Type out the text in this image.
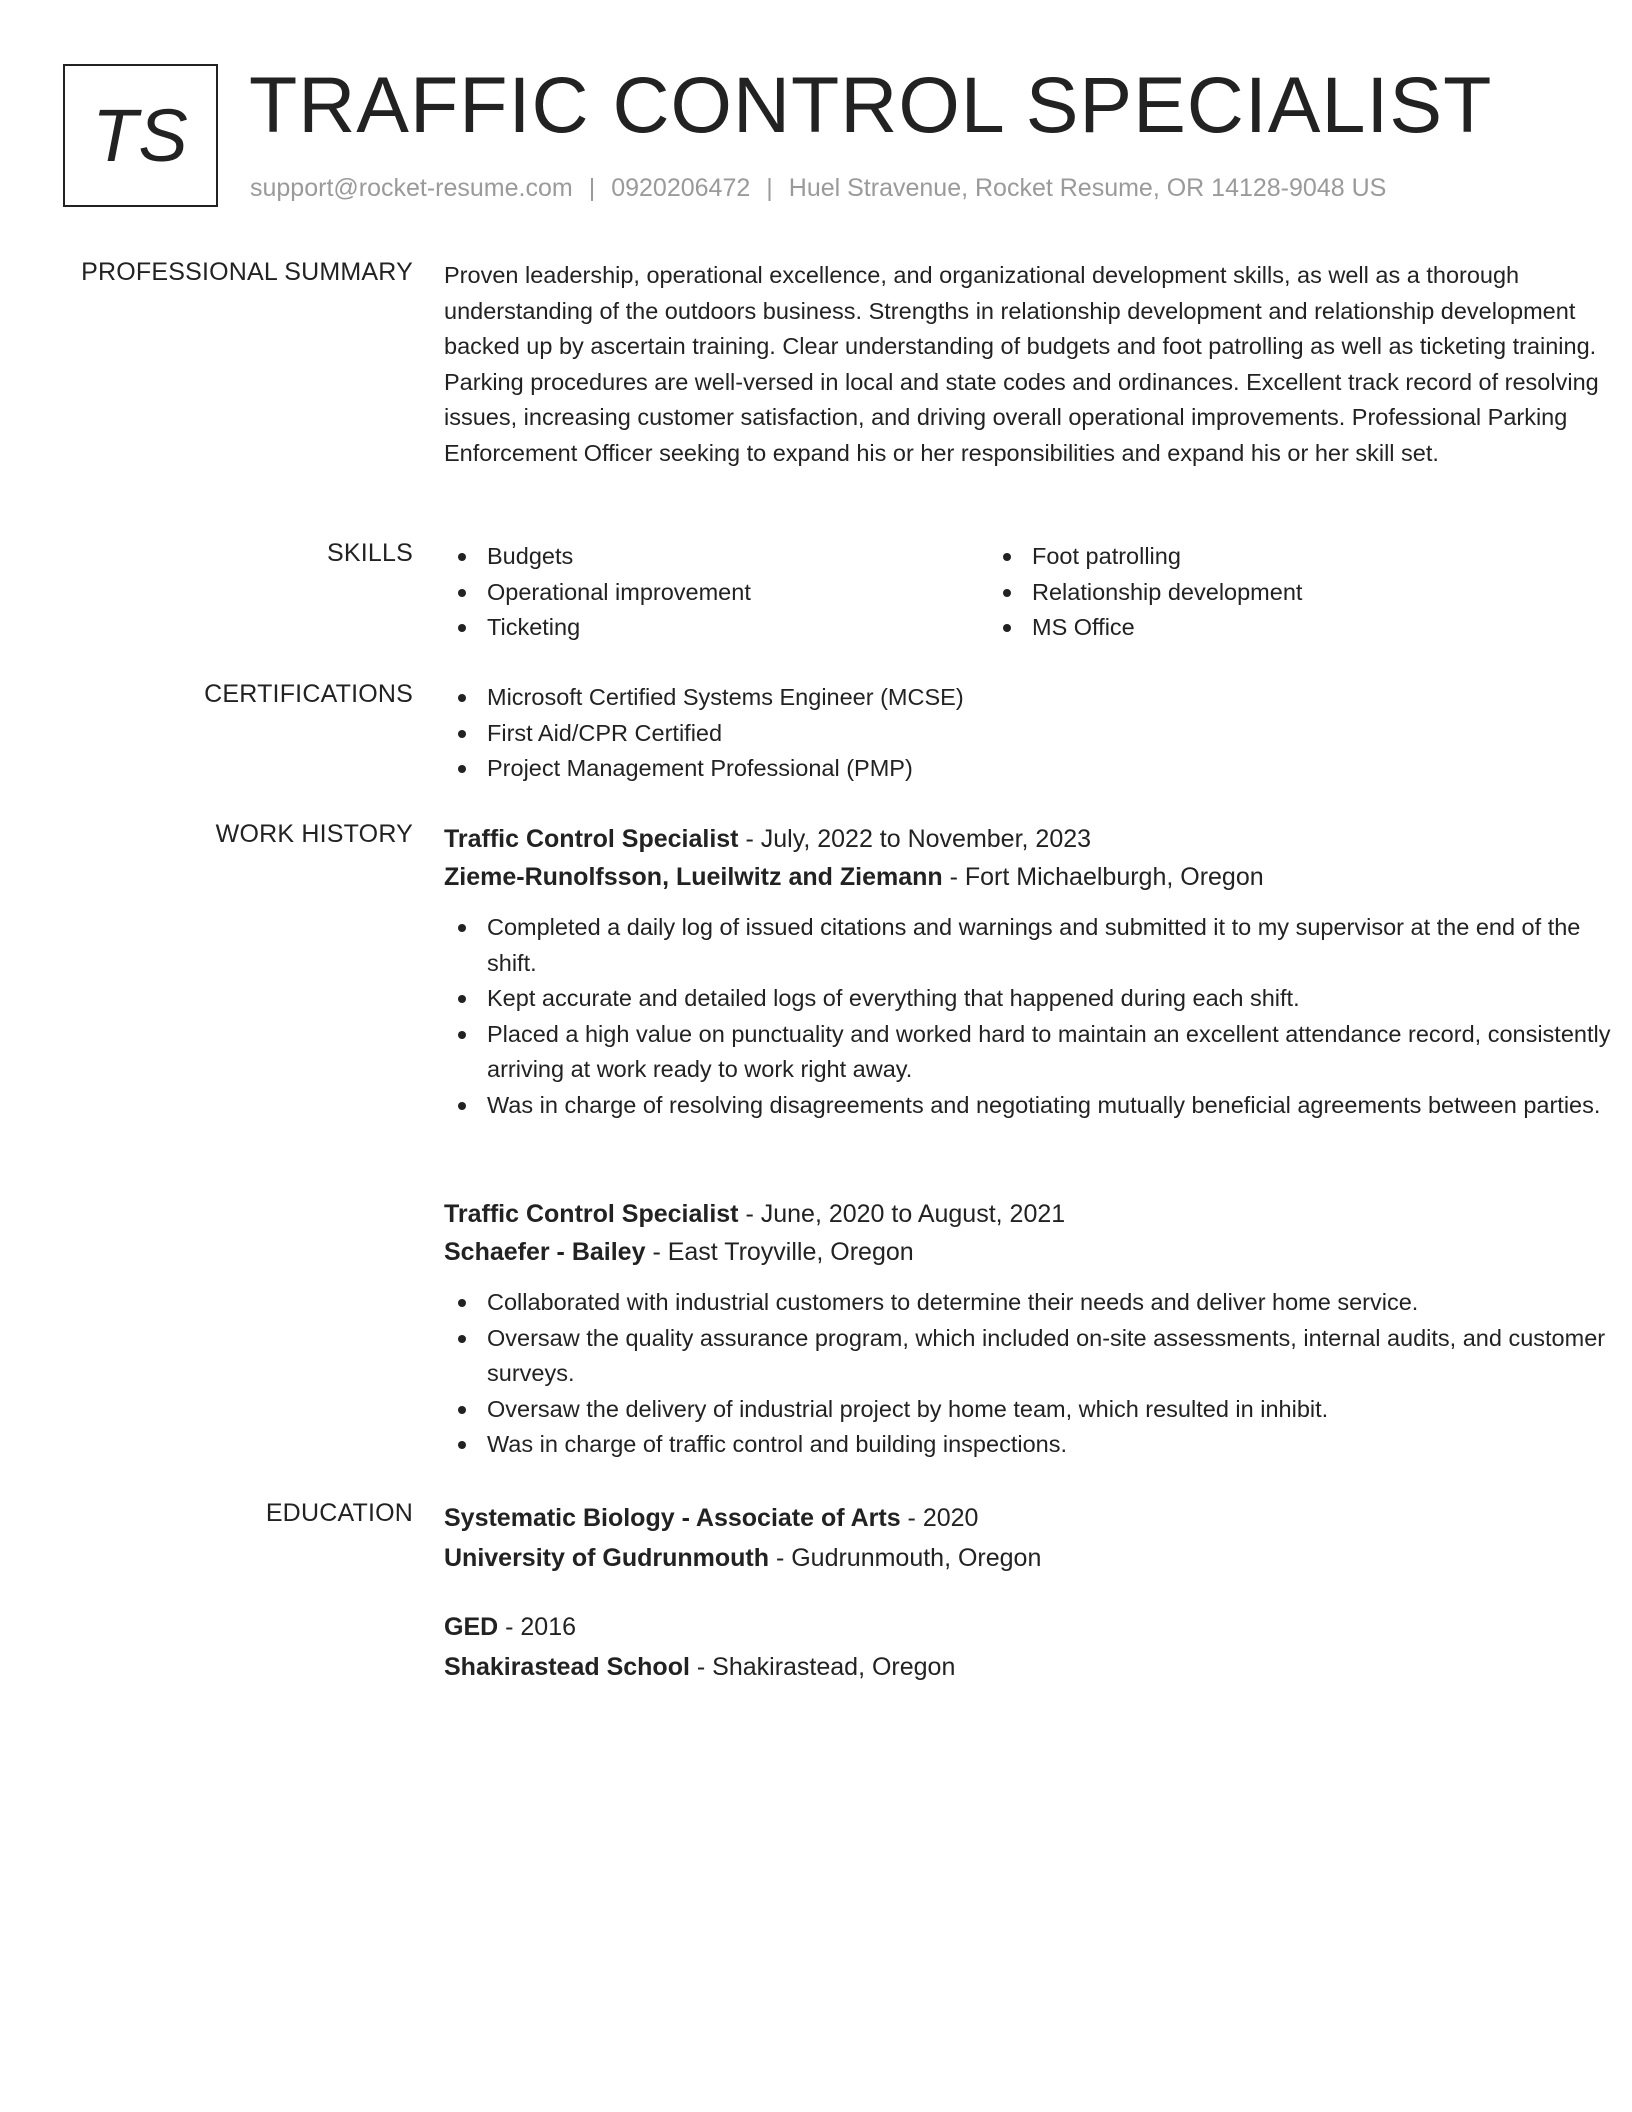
TS TRAFFIC CONTROL SPECIALIST
support@rocket-resume.com | 0920206472 | Huel Stravenue, Rocket Resume, OR 14128-9048 US
PROFESSIONAL SUMMARY Proven leadership, operational excellence, and organizational development skills, as well as a thorough understanding of the outdoors business. Strengths in relationship development and relationship development backed up by ascertain training. Clear understanding of budgets and foot patrolling as well as ticketing training. Parking procedures are well-versed in local and state codes and ordinances. Excellent track record of resolving issues, increasing customer satisfaction, and driving overall operational improvements. Professional Parking Enforcement Officer seeking to expand his or her responsibilities and expand his or her skill set.
SKILLS	Budgets	Foot patrolling
Operational improvement	Relationship development
Ticketing	MS Office
CERTIFICATIONS	Microsoft Certified Systems Engineer (MCSE)
First Aid/CPR Certified
Project Management Professional (PMP)
WORK HISTORY Traffic Control Specialist - July, 2022 to November, 2023
Zieme-Runolfsson, Lueilwitz and Ziemann - Fort Michaelburgh, Oregon
Completed a daily log of issued citations and warnings and submitted it to my supervisor at the end of the shift.
Kept accurate and detailed logs of everything that happened during each shift.
Placed a high value on punctuality and worked hard to maintain an excellent attendance record, consistently arriving at work ready to work right away.
Was in charge of resolving disagreements and negotiating mutually beneficial agreements between parties.
Traffic Control Specialist - June, 2020 to August, 2021
Schaefer - Bailey - East Troyville, Oregon
Collaborated with industrial customers to determine their needs and deliver home service.
Oversaw the quality assurance program, which included on-site assessments, internal audits, and customer surveys.
Oversaw the delivery of industrial project by home team, which resulted in inhibit.
Was in charge of traffic control and building inspections.
EDUCATION Systematic Biology - Associate of Arts - 2020
University of Gudrunmouth - Gudrunmouth, Oregon
GED - 2016
Shakirastead School - Shakirastead, Oregon
